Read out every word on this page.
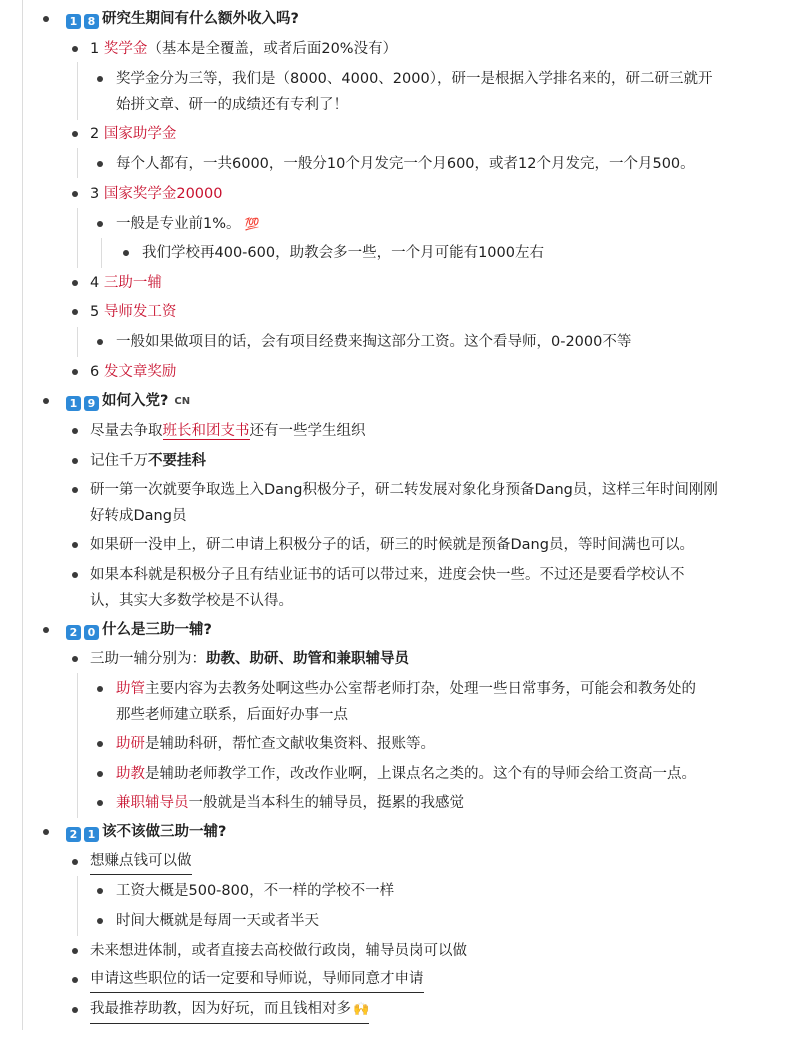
1 8 研究生期间有什么额外收入吗?
1 奖学金（基本是全覆盖，或者后面20%没有）
奖学金分为三等，我们是（8000、4000、2000），研一是根据入学排名来的，研二研三就开
始拼文章、研一的成绩还有专利了！
2 国家助学金
每个人都有，一共6000，一般分10个月发完一个月600，或者12个月发完，一个月500。
3 国家奖学金20000
一般是专业前1%。 💯
我们学校再400-600，助教会多一些，一个月可能有1000左右
4 三助一辅
5 导师发工资
一般如果做项目的话，会有项目经费来掏这部分工资。这个看导师，0-2000不等
6 发文章奖励
1 9 如何入党? CN
尽量去争取班长和团支书还有一些学生组织
记住千万不要挂科
研一第一次就要争取选上入Dang积极分子，研二转发展对象化身预备Dang员，这样三年时间刚刚
好转成Dang员
如果研一没申上，研二申请上积极分子的话，研三的时候就是预备Dang员，等时间满也可以。
如果本科就是积极分子且有结业证书的话可以带过来，进度会快一些。不过还是要看学校认不
认，其实大多数学校是不认得。
2 0 什么是三助一辅?
三助一辅分别为：助教、助研、助管和兼职辅导员
助管主要内容为去教务处啊这些办公室帮老师打杂，处理一些日常事务，可能会和教务处的
那些老师建立联系，后面好办事一点
助研是辅助科研，帮忙查文献收集资料、报账等。
助教是辅助老师教学工作，改改作业啊，上课点名之类的。这个有的导师会给工资高一点。
兼职辅导员一般就是当本科生的辅导员，挺累的我感觉
2 1 该不该做三助一辅?
想赚点钱可以做
工资大概是500-800，不一样的学校不一样
时间大概就是每周一天或者半天
未来想进体制，或者直接去高校做行政岗，辅导员岗可以做
申请这些职位的话一定要和导师说，导师同意才申请
我最推荐助教，因为好玩，而且钱相对多 🙌
